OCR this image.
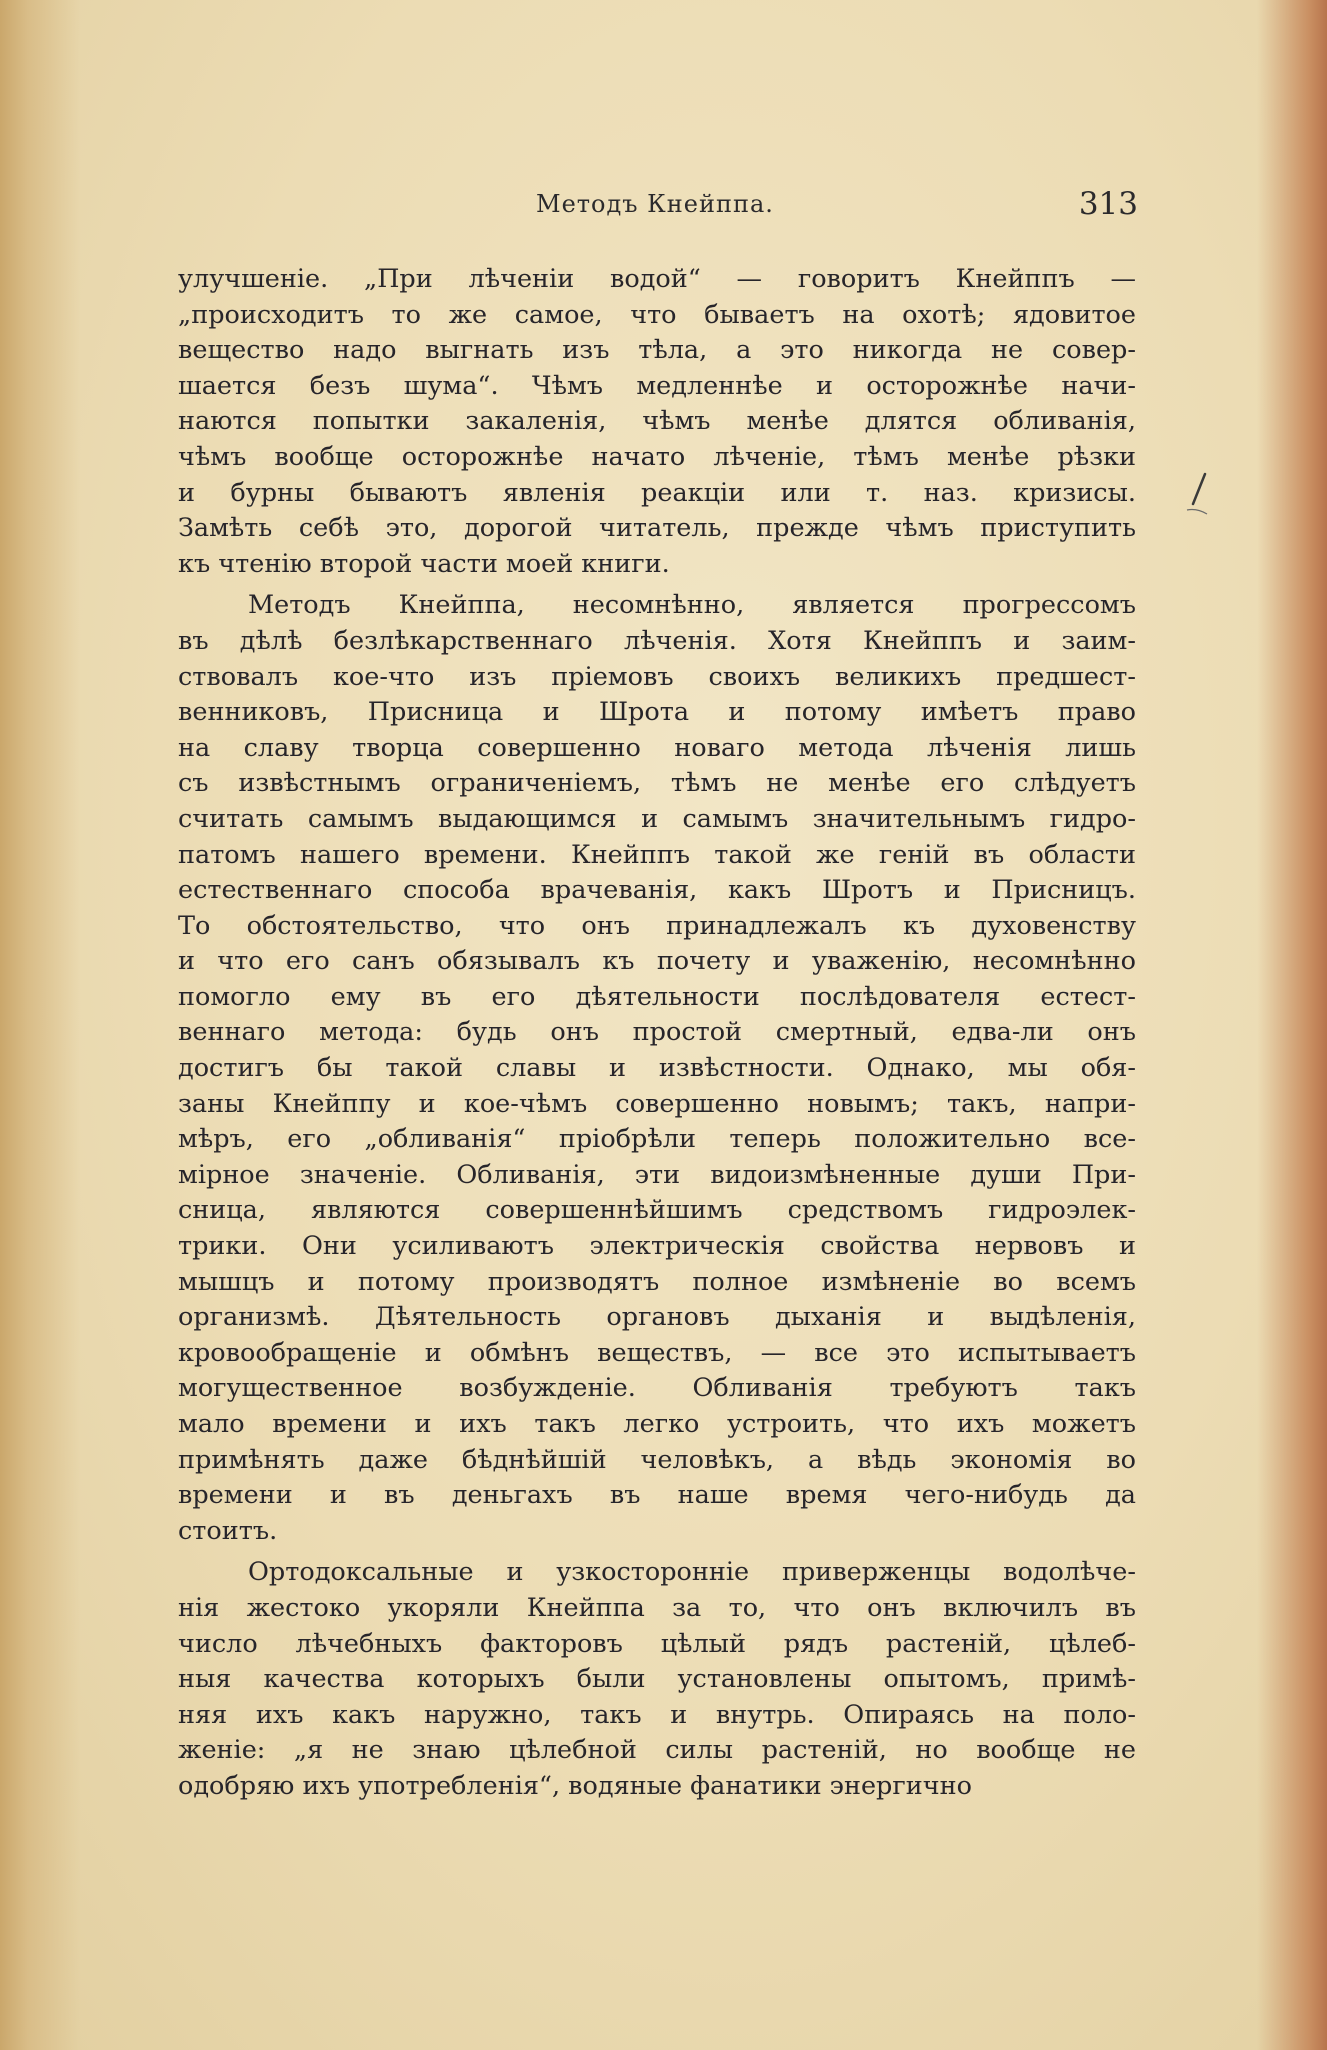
Методъ Кнейппа.	313
улучшеніе. „При лѣченіи водой“ — говоритъ Кнейппъ —
„происходитъ то же самое, что бываетъ на охотѣ; ядовитое
вещество надо выгнать изъ тѣла, а это никогда не совер-
шается безъ шума“. Чѣмъ медленнѣе и осторожнѣе начи-
наются попытки закаленія, чѣмъ менѣе длятся обливанія,
чѣмъ вообще осторожнѣе начато лѣченіе, тѣмъ менѣе рѣзки
и бурны бываютъ явленія реакціи или т. наз. кризисы.
Замѣть себѣ это, дорогой читатель, прежде чѣмъ приступить
къ чтенію второй части моей книги.
Методъ Кнейппа, несомнѣнно, является прогрессомъ
въ дѣлѣ безлѣкарственнаго лѣченія. Хотя Кнейппъ и заим-
ствовалъ кое-что изъ пріемовъ своихъ великихъ предшест-
венниковъ, Присница и Шрота и потому имѣетъ право
на славу творца совершенно новаго метода лѣченія лишь
съ извѣстнымъ ограниченіемъ, тѣмъ не менѣе его слѣдуетъ
считать самымъ выдающимся и самымъ значительнымъ гидро-
патомъ нашего времени. Кнейппъ такой же геній въ области
естественнаго способа врачеванія, какъ Шротъ и Присницъ.
То обстоятельство, что онъ принадлежалъ къ духовенству
и что его санъ обязывалъ къ почету и уваженію, несомнѣнно
помогло ему въ его дѣятельности послѣдователя естест-
веннаго метода: будь онъ простой смертный, едва-ли онъ
достигъ бы такой славы и извѣстности. Однако, мы обя-
заны Кнейппу и кое-чѣмъ совершенно новымъ; такъ, напри-
мѣръ, его „обливанія“ пріобрѣли теперь положительно все-
мірное значеніе. Обливанія, эти видоизмѣненные души При-
сница, являются совершеннѣйшимъ средствомъ гидроэлек-
трики. Они усиливаютъ электрическія свойства нервовъ и
мышцъ и потому производятъ полное измѣненіе во всемъ
организмѣ. Дѣятельность органовъ дыханія и выдѣленія,
кровообращеніе и обмѣнъ веществъ, — все это испытываетъ
могущественное возбужденіе. Обливанія требуютъ такъ
мало времени и ихъ такъ легко устроить, что ихъ можетъ
примѣнять даже бѣднѣйшій человѣкъ, а вѣдь экономія во
времени и въ деньгахъ въ наше время чего-нибудь да
стоитъ.
Ортодоксальные и узкосторонніе приверженцы водолѣче-
нія жестоко укоряли Кнейппа за то, что онъ включилъ въ
число лѣчебныхъ факторовъ цѣлый рядъ растеній, цѣлеб-
ныя качества которыхъ были установлены опытомъ, примѣ-
няя ихъ какъ наружно, такъ и внутрь. Опираясь на поло-
женіе: „я не знаю цѣлебной силы растеній, но вообще не
одобряю ихъ употребленія“, водяные фанатики энергично
